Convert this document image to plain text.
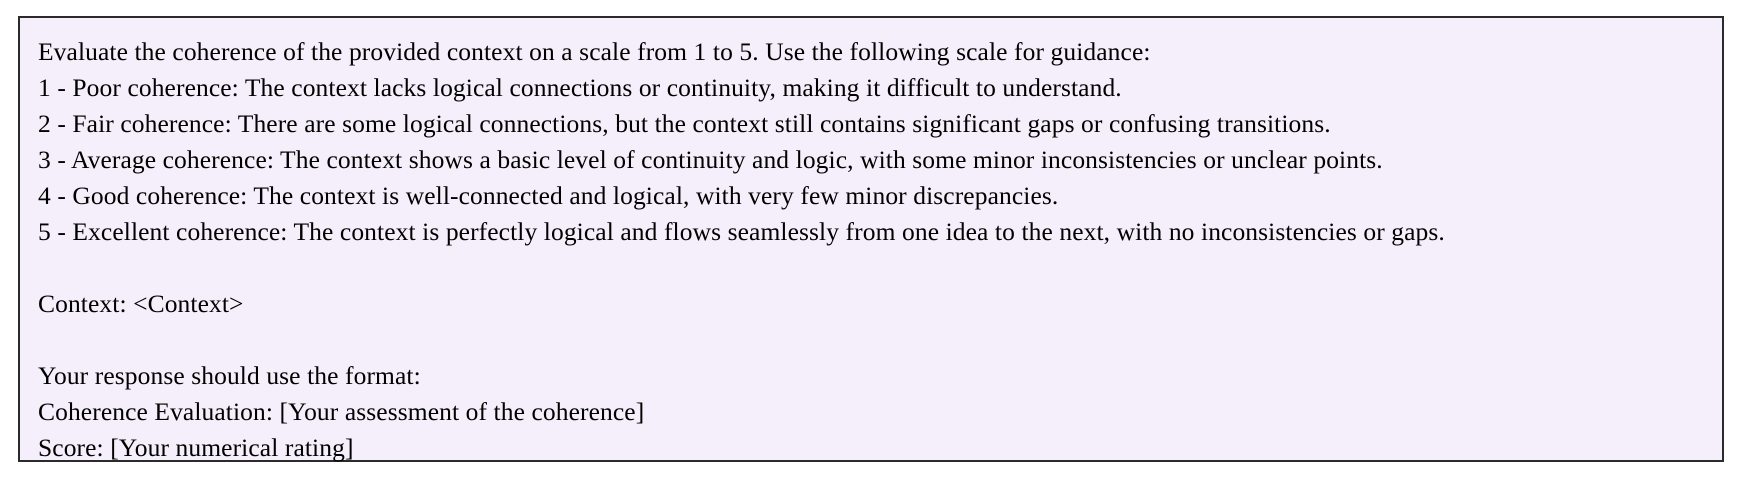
Evaluate the coherence of the provided context on a scale from 1 to 5. Use the following scale for guidance:
1 - Poor coherence: The context lacks logical connections or continuity, making it difficult to understand.
2 - Fair coherence: There are some logical connections, but the context still contains significant gaps or confusing transitions.
3 - Average coherence: The context shows a basic level of continuity and logic, with some minor inconsistencies or unclear points.
4 - Good coherence: The context is well-connected and logical, with very few minor discrepancies.
5 - Excellent coherence: The context is perfectly logical and flows seamlessly from one idea to the next, with no inconsistencies or gaps.
Context: <Context>
Your response should use the format:
Coherence Evaluation: [Your assessment of the coherence]
Score: [Your numerical rating]
